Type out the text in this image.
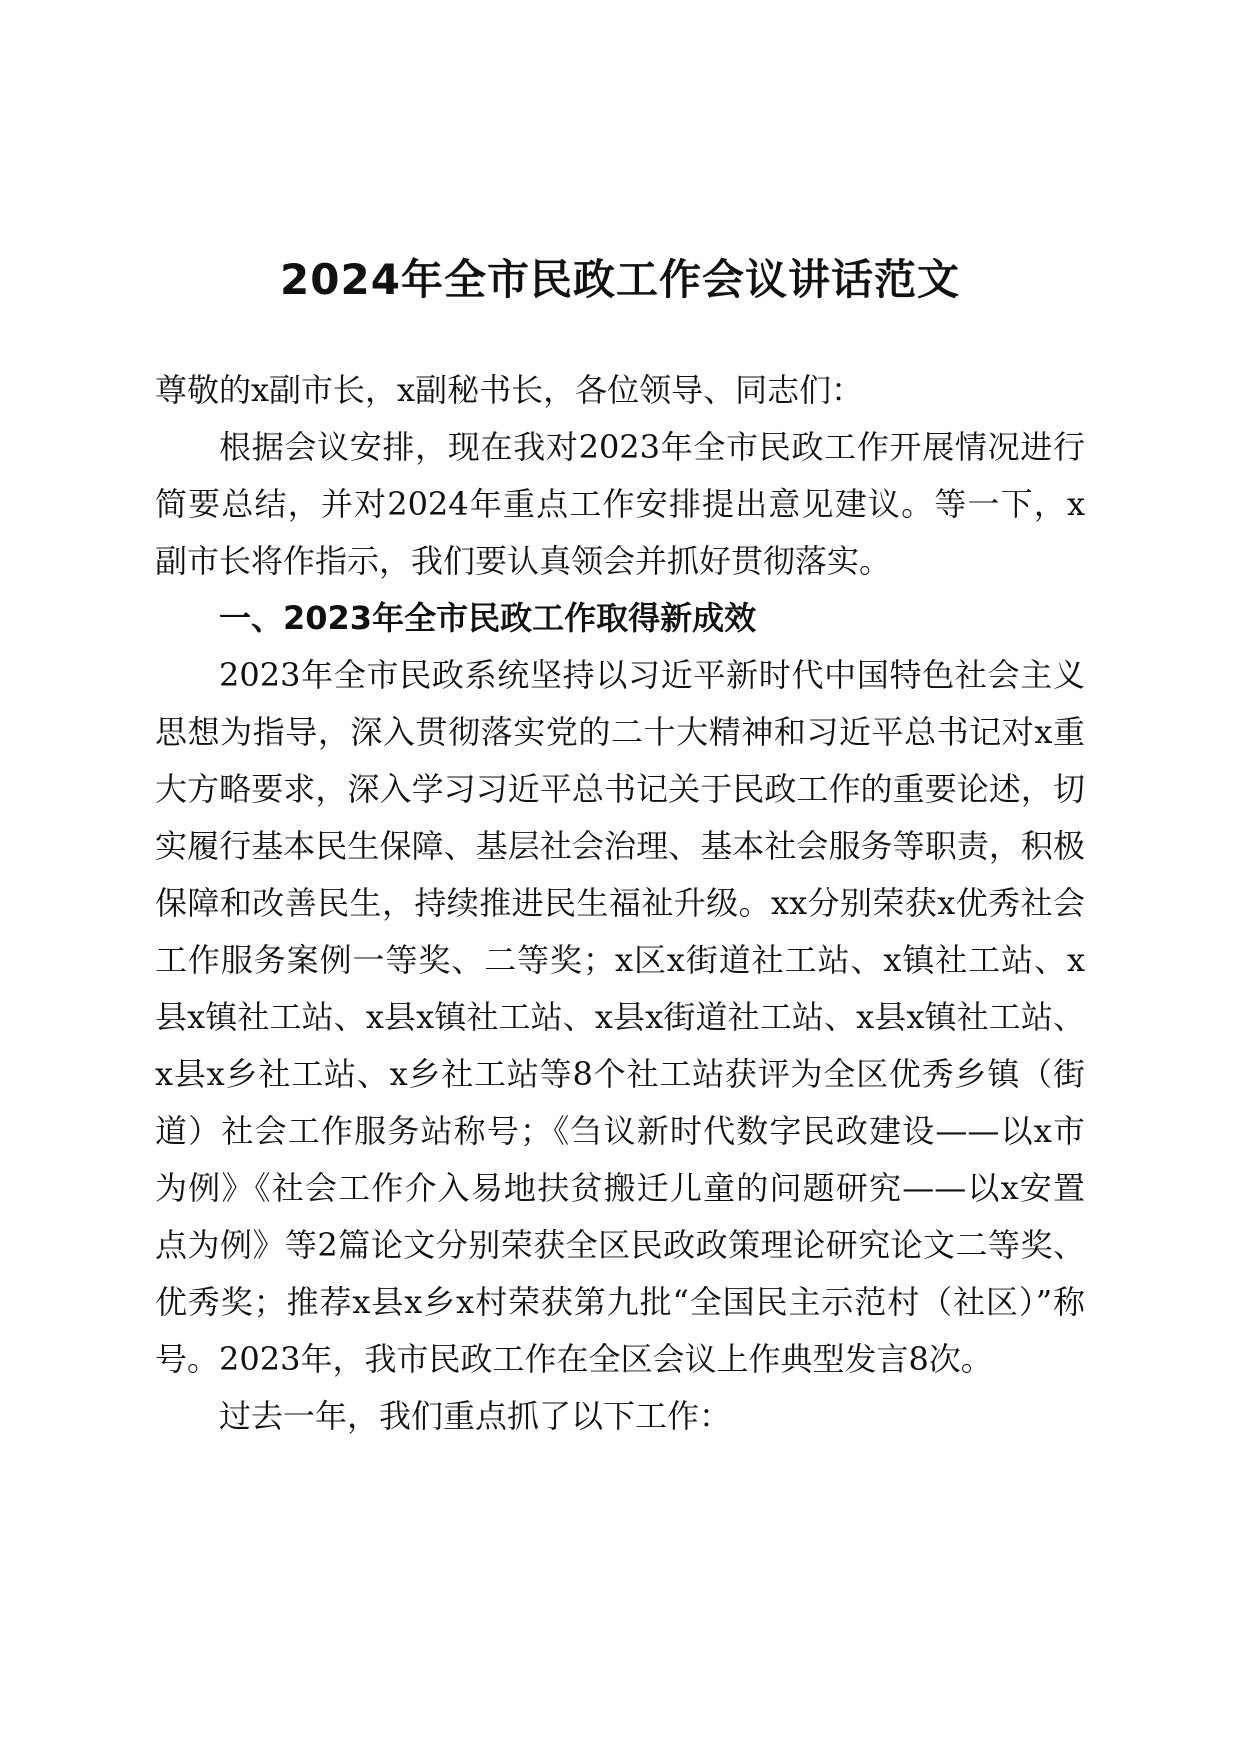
2024年全市民政工作会议讲话范文

尊敬的x副市长，x副秘书长，各位领导、同志们：

根据会议安排，现在我对2023年全市民政工作开展情况进行简要总结，并对2024年重点工作安排提出意见建议。等一下，x副市长将作指示，我们要认真领会并抓好贯彻落实。

一、2023年全市民政工作取得新成效

2023年全市民政系统坚持以习近平新时代中国特色社会主义思想为指导，深入贯彻落实党的二十大精神和习近平总书记对x重大方略要求，深入学习习近平总书记关于民政工作的重要论述，切实履行基本民生保障、基层社会治理、基本社会服务等职责，积极保障和改善民生，持续推进民生福祉升级。xx分别荣获x优秀社会工作服务案例一等奖、二等奖；x区x街道社工站、x镇社工站、x县x镇社工站、x县x镇社工站、x县x街道社工站、x县x镇社工站、x县x乡社工站、x乡社工站等8个社工站获评为全区优秀乡镇（街道）社会工作服务站称号；《刍议新时代数字民政建设——以x市为例》《社会工作介入易地扶贫搬迁儿童的问题研究——以x安置点为例》等2篇论文分别荣获全区民政政策理论研究论文二等奖、优秀奖；推荐x县x乡x村荣获第九批“全国民主示范村（社区）”称号。2023年，我市民政工作在全区会议上作典型发言8次。

过去一年，我们重点抓了以下工作：
